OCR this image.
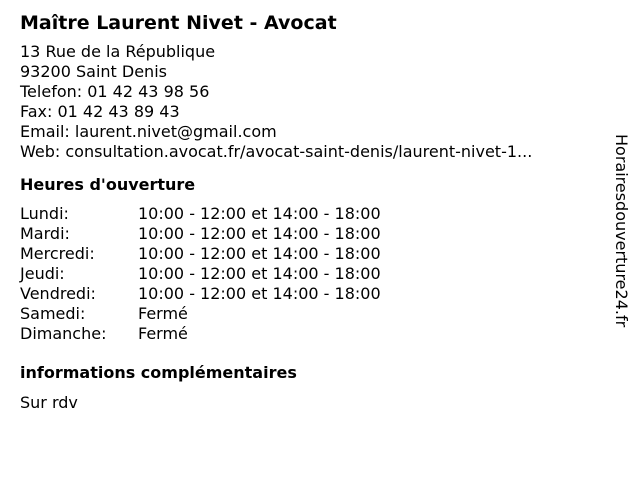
Maître Laurent Nivet - Avocat
13 Rue de la République
93200 Saint Denis
Telefon: 01 42 43 98 56
Fax: 01 42 43 89 43
Email: laurent.nivet@gmail.com
Web: consultation.avocat.fr/avocat-saint-denis/laurent-nivet-1...
Heures d'ouverture
Lundi:	10:00 - 12:00 et 14:00 - 18:00
Mardi:	10:00 - 12:00 et 14:00 - 18:00
Mercredi:	10:00 - 12:00 et 14:00 - 18:00
Jeudi:	10:00 - 12:00 et 14:00 - 18:00
Vendredi:	10:00 - 12:00 et 14:00 - 18:00
Samedi:	Fermé
Dimanche:	Fermé
informations complémentaires
Sur rdv
Horairesdouverture24.fr
